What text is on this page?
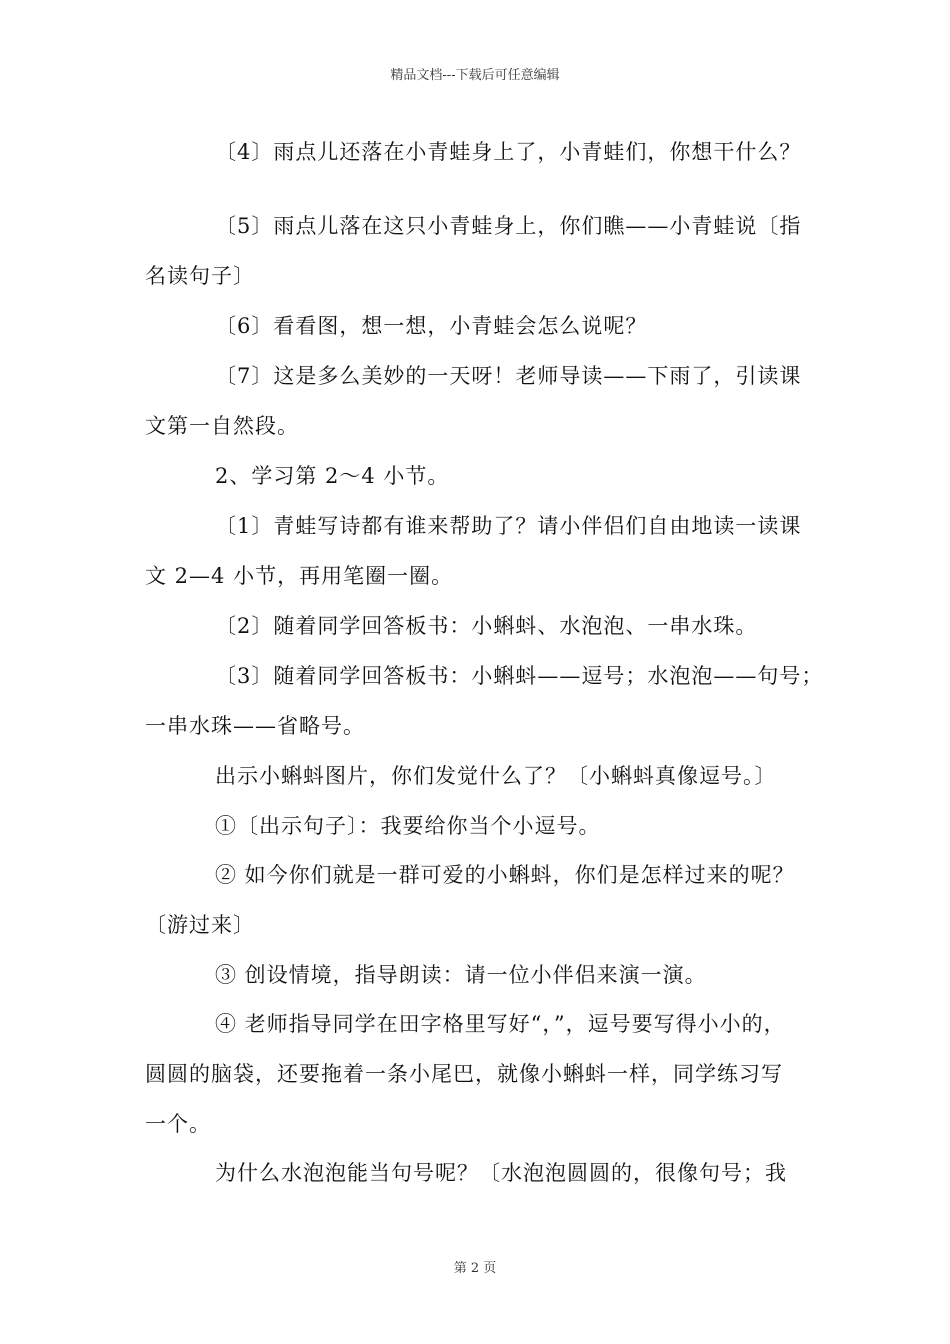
精品文档---下载后可任意编辑
〔4〕雨点儿还落在小青蛙身上了，小青蛙们，你想干什么？
〔5〕雨点儿落在这只小青蛙身上，你们瞧——小青蛙说〔指
名读句子〕
〔6〕看看图，想一想，小青蛙会怎么说呢？
〔7〕这是多么美妙的一天呀！老师导读——下雨了，引读课
文第一自然段。
2、学习第 2～4 小节。
〔1〕青蛙写诗都有谁来帮助了？请小伴侣们自由地读一读课
文 2—4 小节，再用笔圈一圈。
〔2〕随着同学回答板书：小蝌蚪、水泡泡、一串水珠。
〔3〕随着同学回答板书：小蝌蚪——逗号；水泡泡——句号；
一串水珠——省略号。
出示小蝌蚪图片，你们发觉什么了？〔小蝌蚪真像逗号。〕
①〔出示句子〕：我要给你当个小逗号。
② 如今你们就是一群可爱的小蝌蚪，你们是怎样过来的呢？
〔游过来〕
③ 创设情境，指导朗读：请一位小伴侣来演一演。
④ 老师指导同学在田字格里写好“，”，逗号要写得小小的，
圆圆的脑袋，还要拖着一条小尾巴，就像小蝌蚪一样，同学练习写
一个。
为什么水泡泡能当句号呢？〔水泡泡圆圆的，很像句号；我
第 2 页
